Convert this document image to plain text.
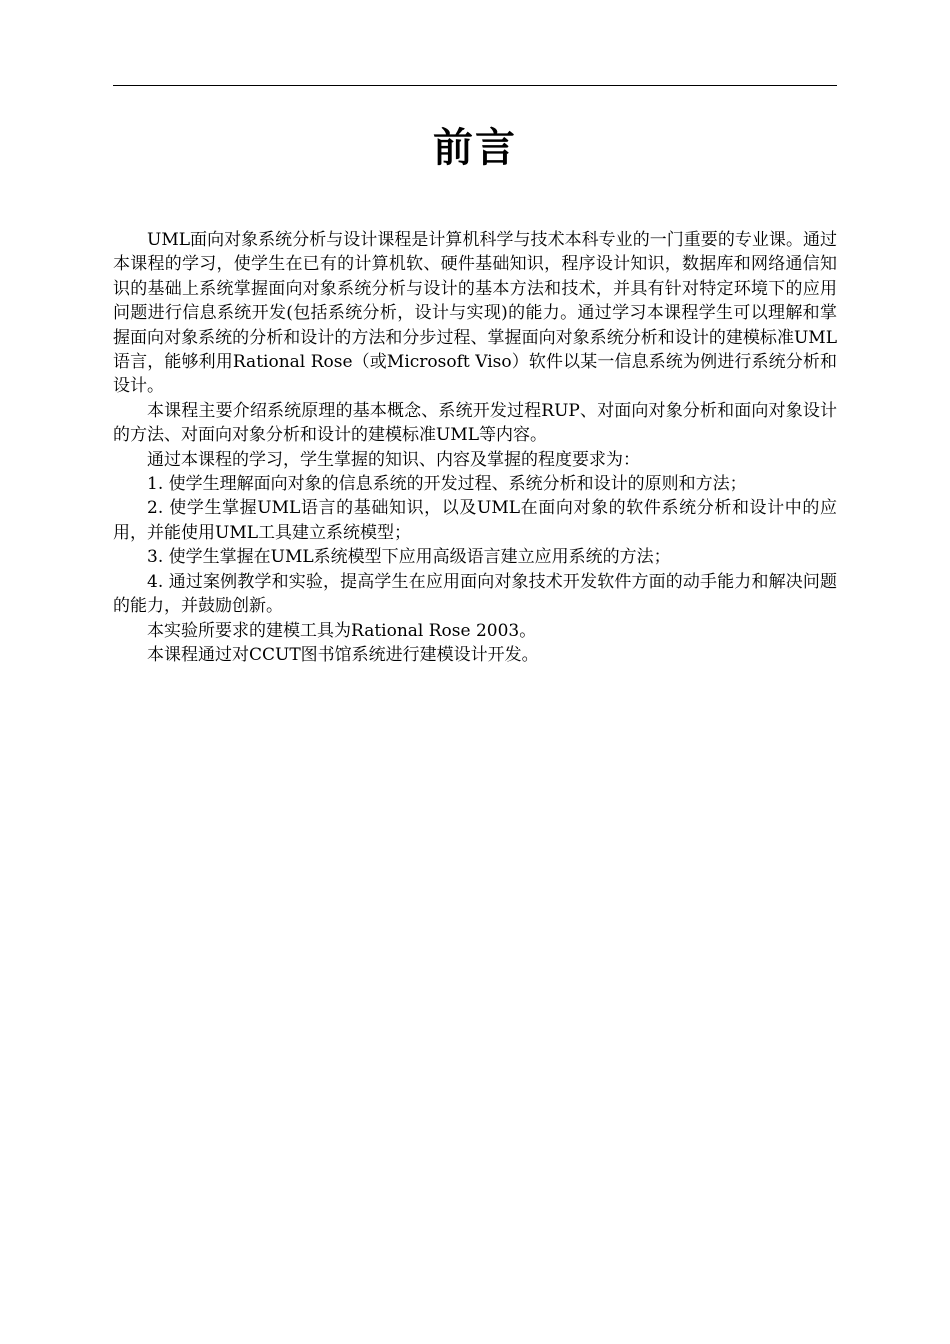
前言

UML面向对象系统分析与设计课程是计算机科学与技术本科专业的一门重要的专业课。通过本课程的学习，使学生在已有的计算机软、硬件基础知识，程序设计知识，数据库和网络通信知识的基础上系统掌握面向对象系统分析与设计的基本方法和技术，并具有针对特定环境下的应用问题进行信息系统开发(包括系统分析，设计与实现)的能力。通过学习本课程学生可以理解和掌握面向对象系统的分析和设计的方法和分步过程、掌握面向对象系统分析和设计的建模标准UML语言，能够利用Rational Rose（或Microsoft Viso）软件以某一信息系统为例进行系统分析和设计。

本课程主要介绍系统原理的基本概念、系统开发过程RUP、对面向对象分析和面向对象设计的方法、对面向对象分析和设计的建模标准UML等内容。

通过本课程的学习，学生掌握的知识、内容及掌握的程度要求为：

1. 使学生理解面向对象的信息系统的开发过程、系统分析和设计的原则和方法；

2. 使学生掌握UML语言的基础知识，以及UML在面向对象的软件系统分析和设计中的应用，并能使用UML工具建立系统模型；

3. 使学生掌握在UML系统模型下应用高级语言建立应用系统的方法；

4. 通过案例教学和实验，提高学生在应用面向对象技术开发软件方面的动手能力和解决问题的能力，并鼓励创新。

本实验所要求的建模工具为Rational Rose 2003。

本课程通过对CCUT图书馆系统进行建模设计开发。
